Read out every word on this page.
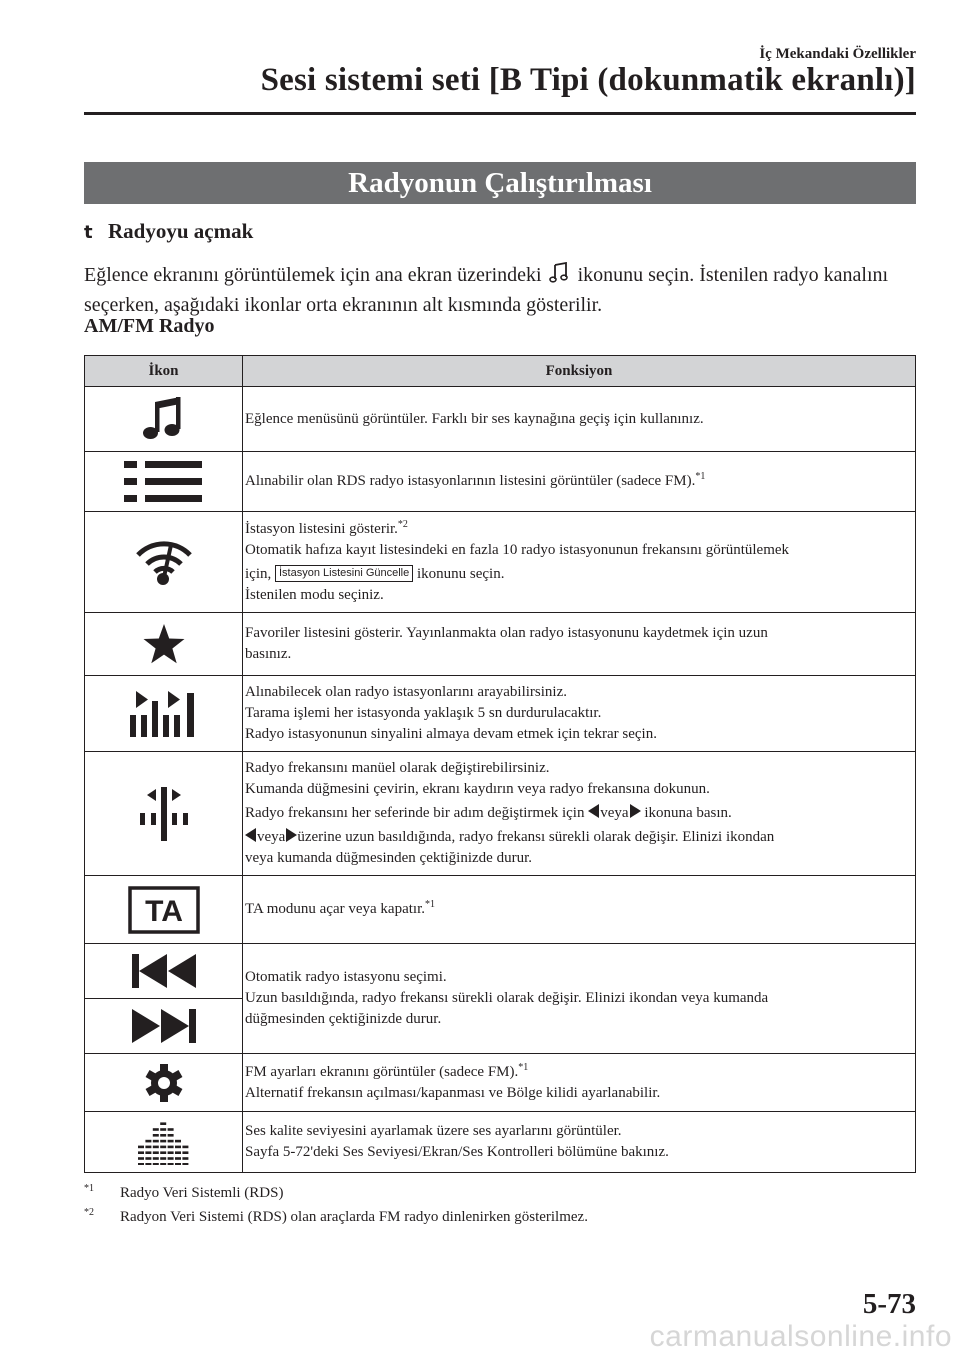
İç Mekandaki Özellikler
Sesi sistemi seti [B Tipi (dokunmatik ekranlı)]
Radyonun Çalıştırılması
t Radyoyu açmak
Eğlence ekranını görüntülemek için ana ekran üzerindeki ikonunu seçin. İstenilen radyo kanalını seçerken, aşağıdaki ikonlar orta ekranının alt kısmında gösterilir.
AM/FM Radyo
İkon	Fonksiyon

Eğlence menüsünü görüntüler. Farklı bir ses kaynağına geçiş için kullanınız.

Alınabilir olan RDS radyo istasyonlarının listesini görüntüler (sadece FM).$^{*1}$

İstasyon listesini gösterir.$^{*2}$
Otomatik hafıza kayıt listesindeki en fazla 10 radyo istasyonunun frekansını görüntülemek
için, İstasyon Listesini Güncelle ikonunu seçin.
İstenilen modu seçiniz.

Favoriler listesini gösterir. Yayınlanmakta olan radyo istasyonunu kaydetmek için uzun
basınız.

Alınabilecek olan radyo istasyonlarını arayabilirsiniz.
Tarama işlemi her istasyonda yaklaşık 5 sn durdurulacaktır.
Radyo istasyonunun sinyalini almaya devam etmek için tekrar seçin.

Radyo frekansını manüel olarak değiştirebilirsiniz.
Kumanda düğmesini çevirin, ekranı kaydırın veya radyo frekansına dokunun.
Radyo frekansını her seferinde bir adım değiştirmek için veya ikonuna basın.
veya üzerine uzun basıldığında, radyo frekansı sürekli olarak değişir. Elinizi ikondan
veya kumanda düğmesinden çektiğinizde durur.

TA	TA modunu açar veya kapatır.$^{*1}$

Otomatik radyo istasyonu seçimi.
Uzun basıldığında, radyo frekansı sürekli olarak değişir. Elinizi ikondan veya kumanda
düğmesinden çektiğinizde durur.

FM ayarları ekranını görüntüler (sadece FM).$^{*1}$
Alternatif frekansın açılması/kapanması ve Bölge kilidi ayarlanabilir.

Ses kalite seviyesini ayarlamak üzere ses ayarlarını görüntüler.
Sayfa 5-72'deki Ses Seviyesi/Ekran/Ses Kontrolleri bölümüne bakınız.
$^{*1}$ Radyo Veri Sistemli (RDS)
$^{*2}$ Radyon Veri Sistemi (RDS) olan araçlarda FM radyo dinlenirken gösterilmez.
5-73
carmanualsonline.info
